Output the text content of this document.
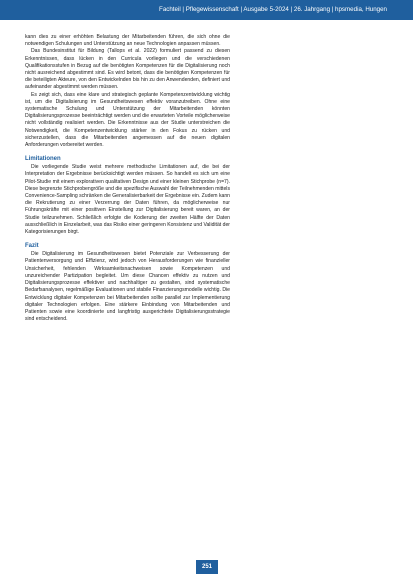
Fachteil | Pflegewissenschaft | Ausgabe 5-2024 | 26. Jahrgang | hpsmedia, Hungen

kann dies zu einer erhöhten Belastung der Mitarbeitenden führen, die sich ohne die notwendigen Schulungen und Unterstützung an neue Technologien anpassen müssen.

Das Bundesinstitut für Bildung (Tallops et al. 2022) formuliert passend zu diesen Erkenntnissen, dass lücken in den Curricula vorliegen und die verschiedenen Qualifikationsstufen in Bezug auf die benötigten Kompetenzen für die Digitalisierung noch nicht ausreichend abgestimmt sind. Es wird betont, dass die benötigten Kompetenzen für die beteiligten Akteure, von den Entwickelnden bis hin zu den Anwendenden, definiert und aufeinander abgestimmt werden müssen.

Es zeigt sich, dass eine klare und strategisch geplante Kompetenzentwicklung wichtig ist, um die Digitalisierung im Gesundheitswesen effektiv voranzutreiben. Ohne eine systematische Schulung und Unterstützung der Mitarbeitenden könnten Digitalisierungsprozesse beeinträchtigt werden und die erwarteten Vorteile möglicherweise nicht vollständig realisiert werden. Die Erkenntnisse aus der Studie unterstreichen die Notwendigkeit, die Kompetenzentwicklung stärker in den Fokus zu rücken und sicherzustellen, dass die Mitarbeitenden angemessen auf die neuen digitalen Anforderungen vorbereitet werden.

Limitationen

Die vorliegende Studie weist mehrere methodische Limitationen auf, die bei der Interpretation der Ergebnisse berücksichtigt werden müssen. So handelt es sich um eine Pilot-Studie mit einem explorativen qualitativen Design und einer kleinen Stichprobe (n=7). Diese begrenzte Stichprobengröße und die spezifische Auswahl der Teilnehmenden mittels Convenience-Sampling schränken die Generalisierbarkeit der Ergebnisse ein. Zudem kann die Rekrutierung zu einer Verzerrung der Daten führen, da möglicherweise nur Führungskräfte mit einer positiven Einstellung zur Digitalisierung bereit waren, an der Studie teilzunehmen. Schließlich erfolgte die Kodierung der zweiten Hälfte der Daten ausschließlich in Einzelarbeit, was das Risiko einer geringeren Konsistenz und Validität der Kategorisierungen birgt.

Fazit

Die Digitalisierung im Gesundheitswesen bietet Potenziale zur Verbesserung der Patientenversorgung und Effizienz, wird jedoch von Herausforderungen wie finanzieller Unsicherheit, fehlenden Wirksamkeitsnachweisen sowie Kompetenzen und unzureichender Partizipation begleitet. Um diese Chancen effektiv zu nutzen und Digitalisierungsprozesse effektiver und nachhaltiger zu gestalten, sind systematische Bedarfsanalysen, regelmäßige Evaluationen und stabile Finanzierungsmodelle wichtig. Die Entwicklung digitaler Kompetenzen bei Mitarbeitenden sollte parallel zur Implementierung digitaler Technologien erfolgen. Eine stärkere Einbindung von Mitarbeitenden und Patienten sowie eine koordinierte und langfristig ausgerichtete Digitalisierungsstrategie sind entscheidend.

251
